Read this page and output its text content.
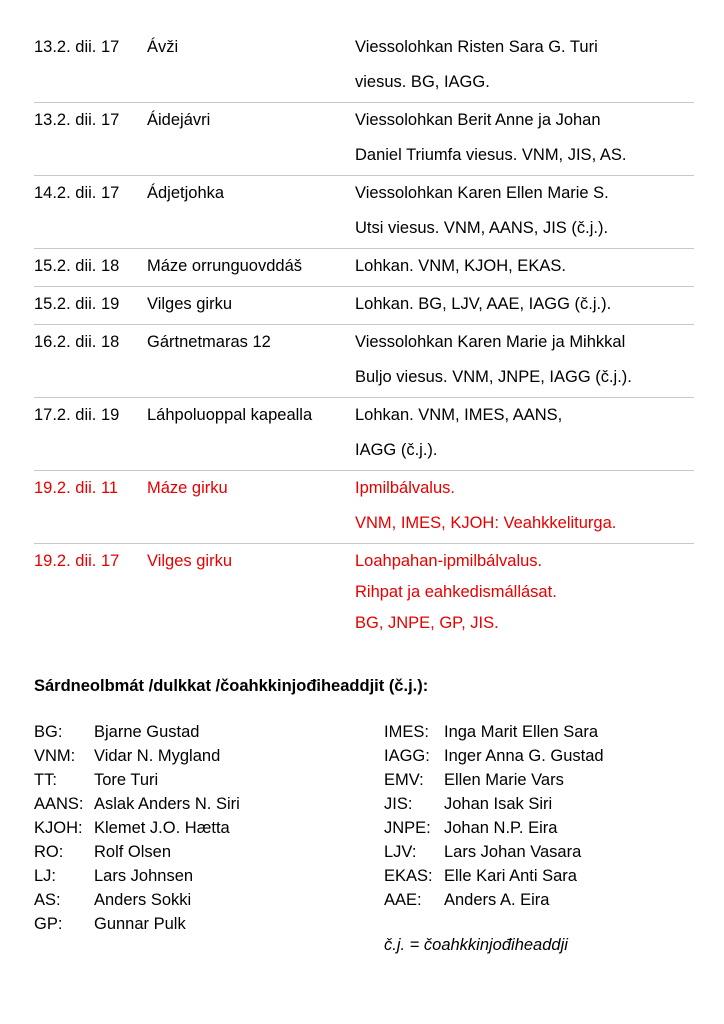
13.2. dii. 17	Ávži	Viessolohkan Risten Sara G. Turi
viesus. BG, IAGG.
13.2. dii. 17	Áidejávri	Viessolohkan Berit Anne ja Johan
Daniel Triumfa viesus. VNM, JIS, AS.
14.2. dii. 17	Ádjetjohka	Viessolohkan Karen Ellen Marie S.
Utsi viesus. VNM, AANS, JIS (č.j.).
15.2. dii. 18	Máze orrunguovddáš	Lohkan. VNM, KJOH, EKAS.
15.2. dii. 19	Vilges girku	Lohkan. BG, LJV, AAE, IAGG (č.j.).
16.2. dii. 18	Gártnetmaras 12	Viessolohkan Karen Marie ja Mihkkal
Buljo viesus. VNM, JNPE, IAGG (č.j.).
17.2. dii. 19	Láhpoluoppal kapealla	Lohkan. VNM, IMES, AANS,
IAGG (č.j.).
19.2. dii. 11	Máze girku	Ipmilbálvalus.
VNM, IMES, KJOH: Veahkkeliturga.
19.2. dii. 17	Vilges girku	Loahpahan-ipmilbálvalus.
Rihpat ja eahkedismállásat.
BG, JNPE, GP, JIS.
Sárdneolbmát /dulkkat /čoahkkinjođiheaddjit (č.j.):
BG: Bjarne Gustad
VNM: Vidar N. Mygland
TT: Tore Turi
AANS: Aslak Anders N. Siri
KJOH: Klemet J.O. Hætta
RO: Rolf Olsen
LJ: Lars Johnsen
AS: Anders Sokki
GP: Gunnar Pulk
IMES: Inga Marit Ellen Sara
IAGG: Inger Anna G. Gustad
EMV: Ellen Marie Vars
JIS: Johan Isak Siri
JNPE: Johan N.P. Eira
LJV: Lars Johan Vasara
EKAS: Elle Kari Anti Sara
AAE: Anders A. Eira
č.j. = čoahkkinjođiheaddji
